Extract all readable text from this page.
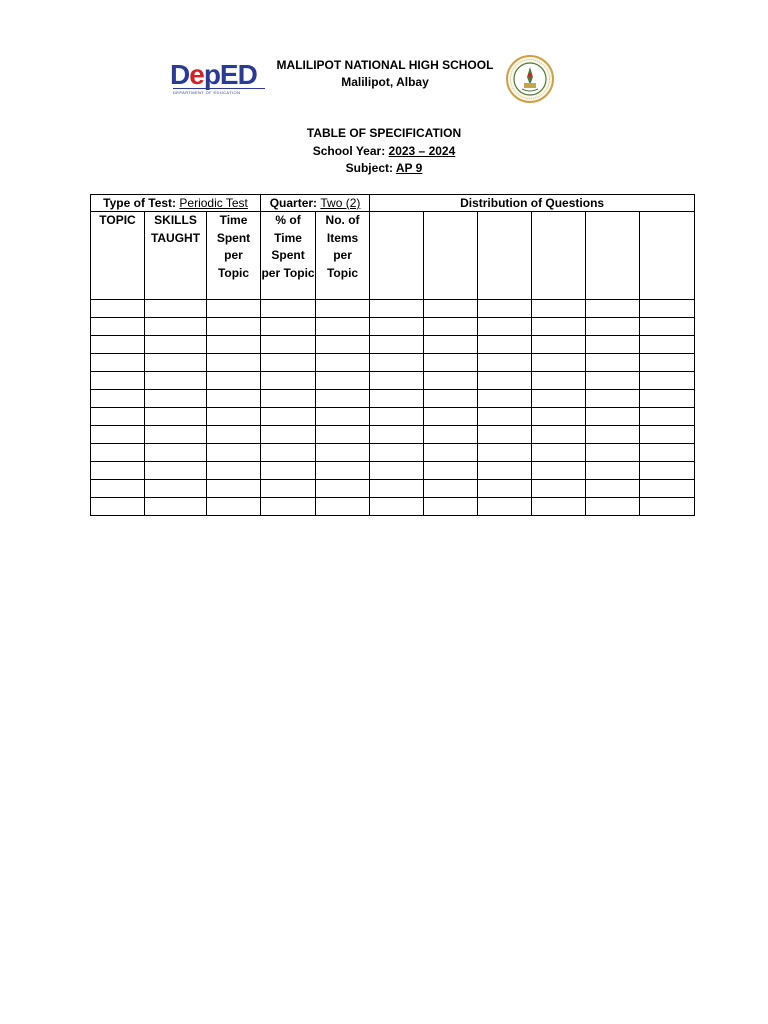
DepED
DEPARTMENT OF EDUCATION
MALILIPOT NATIONAL HIGH SCHOOL
Malilipot, Albay
TABLE OF SPECIFICATION
School Year: 2023 – 2024
Subject: AP 9
Type of Test: Periodic Test			Quarter: Two (2)		Distribution of Questions					
TOPIC	SKILLS TAUGHT	Time Spent per Topic	% of Time Spent per Topic	No. of Items per Topic						
